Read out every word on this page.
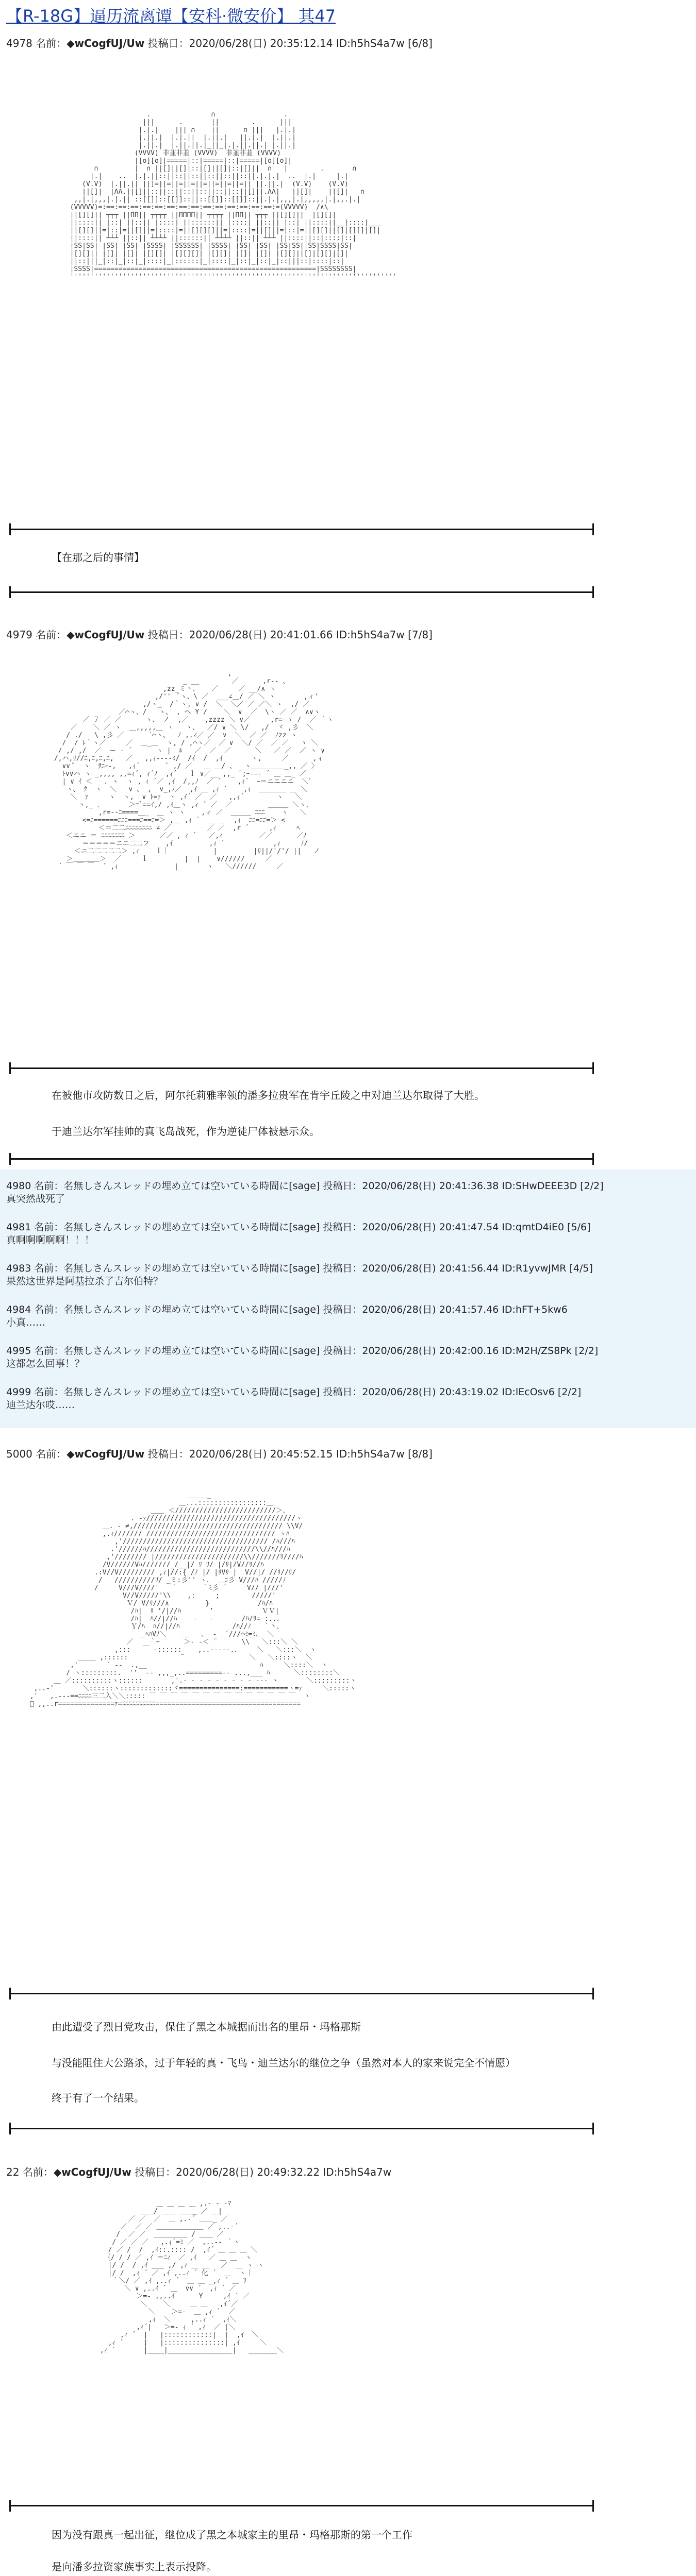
【R-18G】逼历流离谭【安科·微安价】 其47
4978 名前：◆wCogfUJ/Uw 投稿日：2020/06/28(日) 20:35:12.14 ID:h5hS4a7w [6/8]
.               ∩                 .
|||      .       ||        .      |||
|.|.|    ||| ∩    ||      ∩ |||   |.|.|
|.||.|  |.|.||  |.||.|   ||.|.|  |.||.|
|.||.|  |.||.||.|_||_|.|.||.||.| |.||.|
(VVVV) 非韮非韮 (VVVV)  非韮非韮 (VVVV)
|[o][o]|=====|::|=====|::|=====|[o][o]|
∩         |  ∩ ||[]||[]|::|[]||[]|::|[]||  ∩   |        .       ∩
|.|    ..  |.|.||::||::||::||::||::||::||.|.|.|  ..  |.|     |.|
(V.V)  |.||.|| ||]=||=||=||=||=||=||=||=|| ||.||.|  (V.V)    (V.V)
||[]|  |ΛΛ.||[]||::||::||::||::||::||::||[]||.ΛΛ|   ||[]|    ||[]|   ∩
,,|.|,,,|.|.|| ::[[]]::[[]]::||::[[]]::[[]]::||.|.|,,,|.|,,,,,|.|,,.|.|
(VVVVV)=:==:==:==:==:==:==:==:==:==:==:==:==:==:==:=(VVVVV)  /∧\
||[][]|| ┬┬┬ ||ΠΠ|| ┬┬┬┬ ||ΠΠΠΠ|| ┬┬┬┬ ||ΠΠ|| ┬┬┬ ||[][]||  |[][]|
||::::|| |::| ||::|| |::::| ||::::::|| |::::| ||::|| |::| ||::::||__|::::|___
||[][]||=|::|=||[]||=|::::|=||[][][]||=|::::|=||[]||=|::|=||[][]||[]|[][]|[]|
||::::|| ┴┴┴ ||::|| ┴┴┴┴ ||::::::|| ┴┴┴┴ ||::|| ┴┴┴ ||::::||::|::::|::|
|SS|SS| |SS| |SS| |SSSS| |SSSSSS| |SSSS| |SS| |SS| |SS|SS||SS|SSSS|SS|
|[][]|| |[]| |[]| |[][]| |[][][]| |[][]| |[]| |[]| |[][]||[]|[][]|[]|
||::|||_|::|_|::|_|::::|_|::::::|_|::::|_|::|_|::|_|::|||::|::::|::|
|SSSS|=======================================================|SSSSSSSS|
'''''''''''''''''''''''''''''''''''''''''''''''''''''''''''''''''''''''''''''''''
【在那之后的事情】
4979 名前：◆wCogfUJ/Uw 投稿日：2020/06/28(日) 20:41:01.66 ID:h5hS4a7w [7/8]
,
_ __        ／      ,r‐- 、
,zz_ミ丶、   ／     ／ __/∧ ヽ
,/''  ﾞヽ、\ ／  ___∠＿/ ／ ＼ ヽ       ,ィ'
,/ヽ_  /｀ヽ, ∨ /  ＼  ＼／ ／ ／＼ ヽ  ,/ ／
／⌒ヽ、/   ヽ、 , ヘ Y /    ＼  ∨  ／  \ヽ ／ ／  ∧∨ヽ
／ ７ ／ ／      ヽ、 ノ  ,／    ,zzzz ＼ ∨／     ,r=-ヽ /  ／ ｀ヽ
／    ＼ ／ ヽ  ＿,,,,,＿ ヽ   ヽ、  ／/ ∨ ＼ \/   ,/  ヾ ,彡  ＼
/ ./   \ ,彡 ／      ´⌒ヽ、  ﾉ ,.∠／ ／  ∨  ＼  ／ ／  ﾉzz ヽ
/  / ﾚ｀ヽ／     ／  ＿_＿  ヽ, / ,⌒ヽ／  ／ ∨  ＼/ ／  ／ ／   ヽ ＼
/ ,/ ,/  ／  ー ‐ ´      ヽ |  ﾙ   ／  ／  ／      ＼   ／ ／  ／ ヽ ∨
/,ハ,ﾘ//ﾆ,ﾆ,ﾆ,ﾆ,   ／   ,,ｨ-‐‐‐ﾐ/  /ｲ  /  ,ｲ       ヽ,     ／      ,ィ
∨∨ ﾟ  ヽ  ｻﾆｰ‐,   ,ｨ´       ﾟ ,/ ／   ＿ ＿/ 、  ヽ＿＿＿＿＿_,, ／ 〉
ﾄ∨∨ハ ヽ _,,,, ,,=ｨ´, ｨ´ﾉ  ,ｨ´   ｌ ∨／__ ,,_ ﾞ;ｰ-―‐ ´ ＿ ＿_ ／
| ∨ ｲ ＜   ､ ヽ  ヽ , ｨ ´／ ,ｲ  /,,ﾉ  ／ ´    ,ｨ´  ｰ＝ニニニニ  ＼ﾞ
ヽ、 ｸ  ヽ  ＼   ∨ 、 ,  ∨_,ﾉ／  ,ｲ ＿ ,ｨ ´    ,ｨ  ＿＿＿＿ ＿ ＼
＼  ｧ     ヽ  ヽ,  ∨ ﾄ=ｧ  ヽ ,ｲ´ ／  ／   ,,ｨ´        ヽ   ＼
ヽ,_ ､       ＞=ﾞ==ｲ,/ ,ｲ＿ヽ ,ｨ ´ ／  ／         ＿＿＿ ＼ヽ、
,r=--ﾆ====＿_  ＿ ヽ ヽ    ,ィ ／  ＿＿＿ ﾆﾆﾆ    ヽ   ＼
<=ﾆ======ﾆﾆﾆ===ﾆ==ﾆ=＞ ,＿ ,ｨ ´  ＿ ＿  ,ｨ  ﾆﾆ=ﾆﾆ=＞ <
＜＝二二ﾆﾆﾆﾆﾆﾆﾆﾆ ∠ ／         ／ ／  ,r ´     ,ｨ     ﾍ
＜ニニ ＝ ﾆﾆﾆﾆﾆﾆﾆ ＞      ／／ , ｨ ´   ／,ｨ         ／／      ／ﾉ
＝＝＝＝＝ニニ二二フ    ,ｲ         ,ｨ ´            ,ｨ     ﾉ/
＜ニ二二二二二＞ ,ｨ    ｌ｜           |         |ﾘ||/'/'/ ||   ノ
＞＿＿＿＿＞  ／     ｌ         |  |    ∨//////     ／
´ ￣ ￣ ￣  ´ ,ｨ              |       ヽ   ＼//////     ／
在被他市攻防数日之后，阿尔托莉雅率领的潘多拉贵军在肯宇丘陵之中对迪兰达尔取得了大胜。
于迪兰达尔军挂帅的真飞岛战死，作为逆徒尸体被悬示众。
4980 名前：名無しさんスレッドの埋め立ては空いている時間に[sage] 投稿日：2020/06/28(日) 20:41:36.38 ID:SHwDEEE3D [2/2]
真突然战死了
4981 名前：名無しさんスレッドの埋め立ては空いている時間に[sage] 投稿日：2020/06/28(日) 20:41:47.54 ID:qmtD4iE0 [5/6]
真啊啊啊啊啊！！！
4983 名前：名無しさんスレッドの埋め立ては空いている時間に[sage] 投稿日：2020/06/28(日) 20:41:56.44 ID:R1yvwJMR [4/5]
果然这世界是阿基拉杀了吉尔伯特？
4984 名前：名無しさんスレッドの埋め立ては空いている時間に[sage] 投稿日：2020/06/28(日) 20:41:57.46 ID:hFT+5kw6
小真……
4995 名前：名無しさんスレッドの埋め立ては空いている時間に[sage] 投稿日：2020/06/28(日) 20:42:00.16 ID:M2H/ZS8Pk [2/2]
这都怎么回事！？
4999 名前：名無しさんスレッドの埋め立ては空いている時間に[sage] 投稿日：2020/06/28(日) 20:43:19.02 ID:lEcOsv6 [2/2]
迪兰达尔哎……
5000 名前：◆wCogfUJ/Uw 投稿日：2020/06/28(日) 20:45:52.15 ID:h5hS4a7w [8/8]
＿＿＿_
＿...:::::::::::::::::＿
＿＿ ＜/////////////////////////＞、
. -ｧ/////////////////////////////////////ヽ
＿. ‐ ≠,///////////////////////////////////// \\V/
,.ｨ/////// //////////////////////////////// ヽﾊ
,'//////////////////////////////////// /ﾊ///ﾊ
.'//////ﾊ///////////////////////////\\//ﾊ///ﾊ
,'//////// |//////////////////////\\///////ﾘ////ﾊ
/V//////Vﾊ///////_/__|/ ﾘ ﾘ/ |/ﾘ|/V//ﾘ//ﾊ
.:V//V///////// ,ｨ|//:{ /ﾉ |/ |ﾘVﾘ |  V//|/ //ﾘ//ﾘ/
/   //////////ﾘ/ _ミ:彡'' ヽ､  ＿ﾆ彡 V///ﾊ /////ﾉ
/     V///V////'   ｀      ｀ﾐ彡 ¨     V// |///'
V//V/////'\\    ,:     ;        /////'
Ｖ/ V/ﾘ///∧         }            /ﾊ/ﾊ
/ﾊ|  ﾘ ’/|//ﾊ       ’            ＶＶ|
/ﾊ|  ﾊ//|//ﾊ    ‐   ‐       /ﾊ/ﾘ=-:..、
Ｙ/ﾊ  ﾊ//|//ﾊ             /ﾊ//ﾉ   ｀丶、
＿ﾍﾊVﾉ＼    ＿   ､  ‐  ´///⌒ﾐ=ﾐ､  ＼
／    ｀ｰ      ＞‐ ‐＜ ¨      \\   ＼:::＼ ＼
,:::   ￣ ‐::::::    ,..-‐‐‐-.、    ＼   ＼:::＼  ヽ
＿＿_ ,::::::             ¨                ＼   ＼::::ヽ  ＼
,'       ` ‐-  .,__                            ﾊ     ＼::::＼  ヽ
/ ヽ:::::::::.  ''  ‐‐ ,,,_,..=========-- ...,___ ﾊ      ＼::::::::＼
＿ ／::::::::::ヽ::::::       ,'.- ‐ ‐ ‐ ‐ ‐ ‐ ‐ ‐ ‐-‐ ヽ       ＼:::::::::ヽ
,..-'       ＼::::::ヽ:::::::::::::ヾ===============:===========ヽ=ｧ     ＼:::::ヽ
,'   ,.---==ﾆﾆﾆﾆ三二入＼＼::::: ￣ ￣ ￣ ￣ ￣ ￣ ￣ ￣ ￣ ￣ ￣ ￣ ￣ ￣  ヽ
ﾞ ,,..r==============ｧ=ﾆﾆﾆﾆﾆﾆﾆﾆﾆﾆ====================================
由此遭受了烈日党攻击，保住了黑之本城据而出名的里昂・玛格那斯
与没能阻住大公路杀，过于年轻的真・飞鸟・迪兰达尔的继位之争（虽然对本人的家来说完全不情愿）
终于有了一个结果。
22 名前：◆wCogfUJ/Uw 投稿日：2020/06/28(日) 20:49:32.22 ID:h5hS4a7w
＿ ＿ ＿ ＿ ,.- ‐ ‐ﾏ
＿＿/ ＿＿ ＿＿_ ／ ＿|
／ ／  ／  ＿ ,.‐´ ＿＿_ ／
／  ／ ／ ＿＿＿＿＿＿＿ ／ ,..‐´
/  ／ ／  ＿＿＿＿＿ / ＿＿ ／
/ ／ ／ ／   ,.ｨ´=ﾐ ／  ,..-‐ ｀ヽ
/ ／ /  /  ,ｲ::.:::: /  ,ｲ´ ＿ ＿ ＿ ＼
｛/ / / ／ ,ｲ ＝ﾆｨ  ／ ,ｲ   ／ ＿ ＿  ヽ
|/ /  / ,ｲ ___ ,/ ,ｨ ＿ ＿   ／  ＿ ヽ ヽ
|/ /  ,ｨ ´ ／ ,ｲ ,..ｨ ´ 化 ´  ＿  ヽ｜
｀＼/ ／ ,ｲ ,..ｨ ´  ＿ ＿ _,ｨ ´ ＿ ﾘ
＼ ∨ ,..ｲ ´ ＿  ∨∨ ´  ,ｨ ´ ／
＞=- ,,..ｲ      Y     ,ｲ ´ ／
＼    ＼     ＿ ＿   ,ｲ´／
＼    ＞=-  ＿ ,ｨ ´  ／
,ｨ  ＼     ,..ｨ ´  ,ｨ＼
,ｨ´|   ＞=- ｨ ´ ,ｨ  ／ |＼
,ｨ ´  |   |::::::::::::|  |  ,ｲ  ＼
,ｨ ´     |   |:::::::::::::::| ,ｲ     ＼
,ｨ ´       |____|________________|   _______＼
因为没有跟真一起出征，继位成了黑之本城家主的里昂・玛格那斯的第一个工作
是向潘多拉资家族事实上表示投降。
